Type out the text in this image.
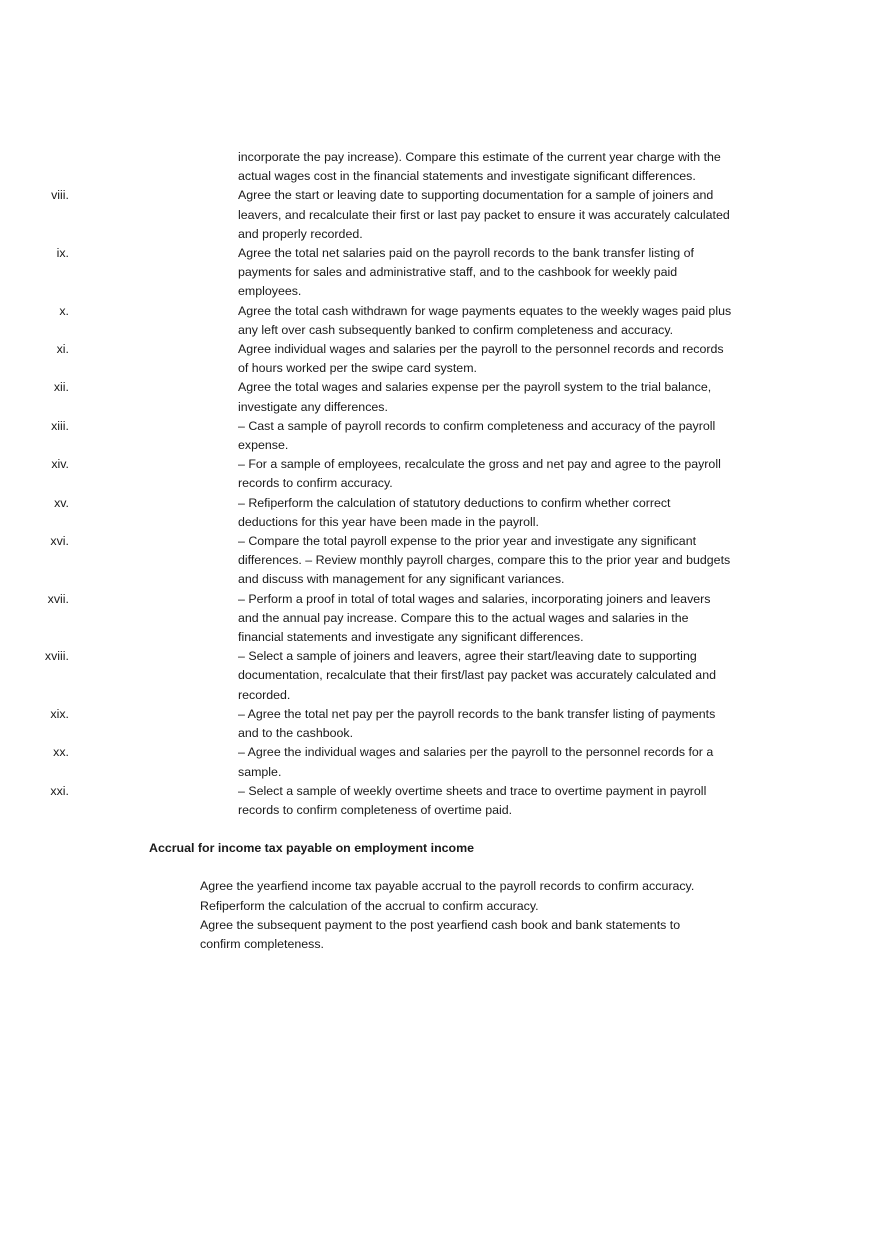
incorporate the pay increase). Compare this estimate of the current year charge with the actual wages cost in the financial statements and investigate significant differences.

viii.	Agree the start or leaving date to supporting documentation for a sample of joiners and leavers, and recalculate their first or last pay packet to ensure it was accurately calculated and properly recorded.
ix.	Agree the total net salaries paid on the payroll records to the bank transfer listing of payments for sales and administrative staff, and to the cashbook for weekly paid employees.
x.	Agree the total cash withdrawn for wage payments equates to the weekly wages paid plus any left over cash subsequently banked to confirm completeness and accuracy.
xi.	Agree individual wages and salaries per the payroll to the personnel records and records of hours worked per the swipe card system.
xii.	Agree the total wages and salaries expense per the payroll system to the trial balance, investigate any differences.
xiii.	– Cast a sample of payroll records to confirm completeness and accuracy of the payroll expense.
xiv.	– For a sample of employees, recalculate the gross and net pay and agree to the payroll records to confirm accuracy.
xv.	– Reﬁperform the calculation of statutory deductions to confirm whether correct deductions for this year have been made in the payroll.
xvi.	– Compare the total payroll expense to the prior year and investigate any significant differences. – Review monthly payroll charges, compare this to the prior year and budgets and discuss with management for any significant variances.
xvii.	– Perform a proof in total of total wages and salaries, incorporating joiners and leavers and the annual pay increase. Compare this to the actual wages and salaries in the financial statements and investigate any significant differences.
xviii.	– Select a sample of joiners and leavers, agree their start/leaving date to supporting documentation, recalculate that their first/last pay packet was accurately calculated and recorded.
xix.	– Agree the total net pay per the payroll records to the bank transfer listing of payments and to the cashbook.
xx.	– Agree the individual wages and salaries per the payroll to the personnel records for a sample.
xxi.	– Select a sample of weekly overtime sheets and trace to overtime payment in payroll records to confirm completeness of overtime paid.
Accrual for income tax payable on employment income
Agree the yearﬁend income tax payable accrual to the payroll records to confirm accuracy.
Reﬁperform the calculation of the accrual to confirm accuracy.
Agree the subsequent payment to the post yearﬁend cash book and bank statements to confirm completeness.
